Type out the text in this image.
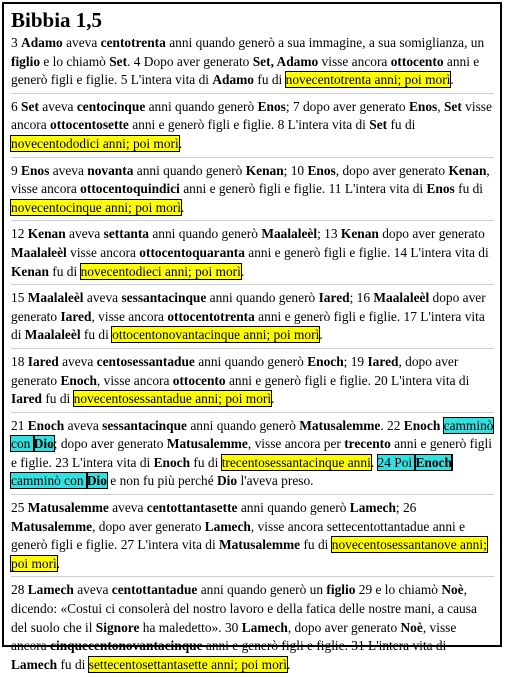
Bibbia 1,5
3 Adamo aveva centotrenta anni quando generò a sua immagine, a sua somiglianza, un figlio e lo chiamò Set. 4 Dopo aver generato Set, Adamo visse ancora ottocento anni e generò figli e figlie. 5 L'intera vita di Adamo fu di novecentotrenta anni; poi morì.
6 Set aveva centocinque anni quando generò Enos; 7 dopo aver generato Enos, Set visse ancora ottocentosette anni e generò figli e figlie. 8 L'intera vita di Set fu di novecentododici anni; poi morì.
9 Enos aveva novanta anni quando generò Kenan; 10 Enos, dopo aver generato Kenan, visse ancora ottocentoquindici anni e generò figli e figlie. 11 L'intera vita di Enos fu di novecentocinque anni; poi morì.
12 Kenan aveva settanta anni quando generò Maalaleèl; 13 Kenan dopo aver generato Maalaleèl visse ancora ottocentoquaranta anni e generò figli e figlie. 14 L'intera vita di Kenan fu di novecentodieci anni; poi morì.
15 Maalaleèl aveva sessantacinque anni quando generò Iared; 16 Maalaleèl dopo aver generato Iared, visse ancora ottocentotrenta anni e generò figli e figlie. 17 L'intera vita di Maalaleèl fu di ottocentonovantacinque anni; poi morì.
18 Iared aveva centosessantadue anni quando generò Enoch; 19 Iared, dopo aver generato Enoch, visse ancora ottocento anni e generò figli e figlie. 20 L'intera vita di Iared fu di novecentosessantadue anni; poi morì.
21 Enoch aveva sessantacinque anni quando generò Matusalemme. 22 Enoch camminò con Dio; dopo aver generato Matusalemme, visse ancora per trecento anni e generò figli e figlie. 23 L'intera vita di Enoch fu di trecentosessantacinque anni. 24 Poi Enoch camminò con Dio e non fu più perché Dio l'aveva preso.
25 Matusalemme aveva centottantasette anni quando generò Lamech; 26 Matusalemme, dopo aver generato Lamech, visse ancora settecentottantadue anni e generò figli e figlie. 27 L'intera vita di Matusalemme fu di novecentosessantanove anni; poi morì.
28 Lamech aveva centottantadue anni quando generò un figlio 29 e lo chiamò Noè, dicendo: «Costui ci consolerà del nostro lavoro e della fatica delle nostre mani, a causa del suolo che il Signore ha maledetto». 30 Lamech, dopo aver generato Noè, visse ancora cinquecentonovantacinque anni e generò figli e figlie. 31 L'intera vita di Lamech fu di settecentosettantasette anni; poi morì.
